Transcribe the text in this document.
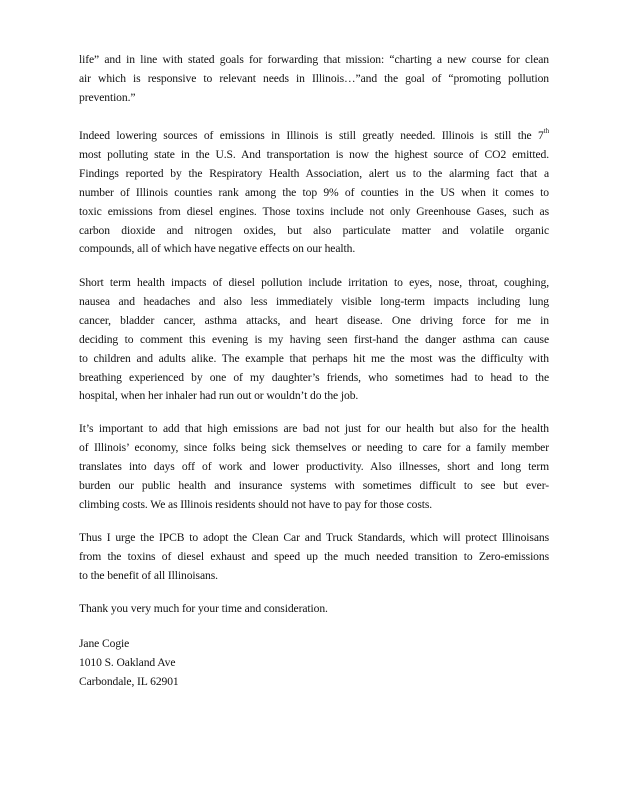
life” and in line with stated goals for forwarding that mission: “charting a new course for clean
air which is responsive to relevant needs in Illinois…”and the goal of “promoting pollution
prevention.”
Indeed lowering sources of emissions in Illinois is still greatly needed. Illinois is still the 7th
most polluting state in the U.S. And transportation is now the highest source of CO2 emitted.
Findings reported by the Respiratory Health Association, alert us to the alarming fact that a
number of Illinois counties rank among the top 9% of counties in the US when it comes to
toxic emissions from diesel engines. Those toxins include not only Greenhouse Gases, such as
carbon dioxide and nitrogen oxides, but also particulate matter and volatile organic
compounds, all of which have negative effects on our health.
Short term health impacts of diesel pollution include irritation to eyes, nose, throat, coughing,
nausea and headaches and also less immediately visible long-term impacts including lung
cancer, bladder cancer, asthma attacks, and heart disease. One driving force for me in
deciding to comment this evening is my having seen first-hand the danger asthma can cause
to children and adults alike. The example that perhaps hit me the most was the difficulty with
breathing experienced by one of my daughter’s friends, who sometimes had to head to the
hospital, when her inhaler had run out or wouldn’t do the job.
It’s important to add that high emissions are bad not just for our health but also for the health
of Illinois’ economy, since folks being sick themselves or needing to care for a family member
translates into days off of work and lower productivity. Also illnesses, short and long term
burden our public health and insurance systems with sometimes difficult to see but ever-
climbing costs. We as Illinois residents should not have to pay for those costs.
Thus I urge the IPCB to adopt the Clean Car and Truck Standards, which will protect Illinoisans
from the toxins of diesel exhaust and speed up the much needed transition to Zero-emissions
to the benefit of all Illinoisans.
Thank you very much for your time and consideration.
Jane Cogie
1010 S. Oakland Ave
Carbondale, IL 62901
